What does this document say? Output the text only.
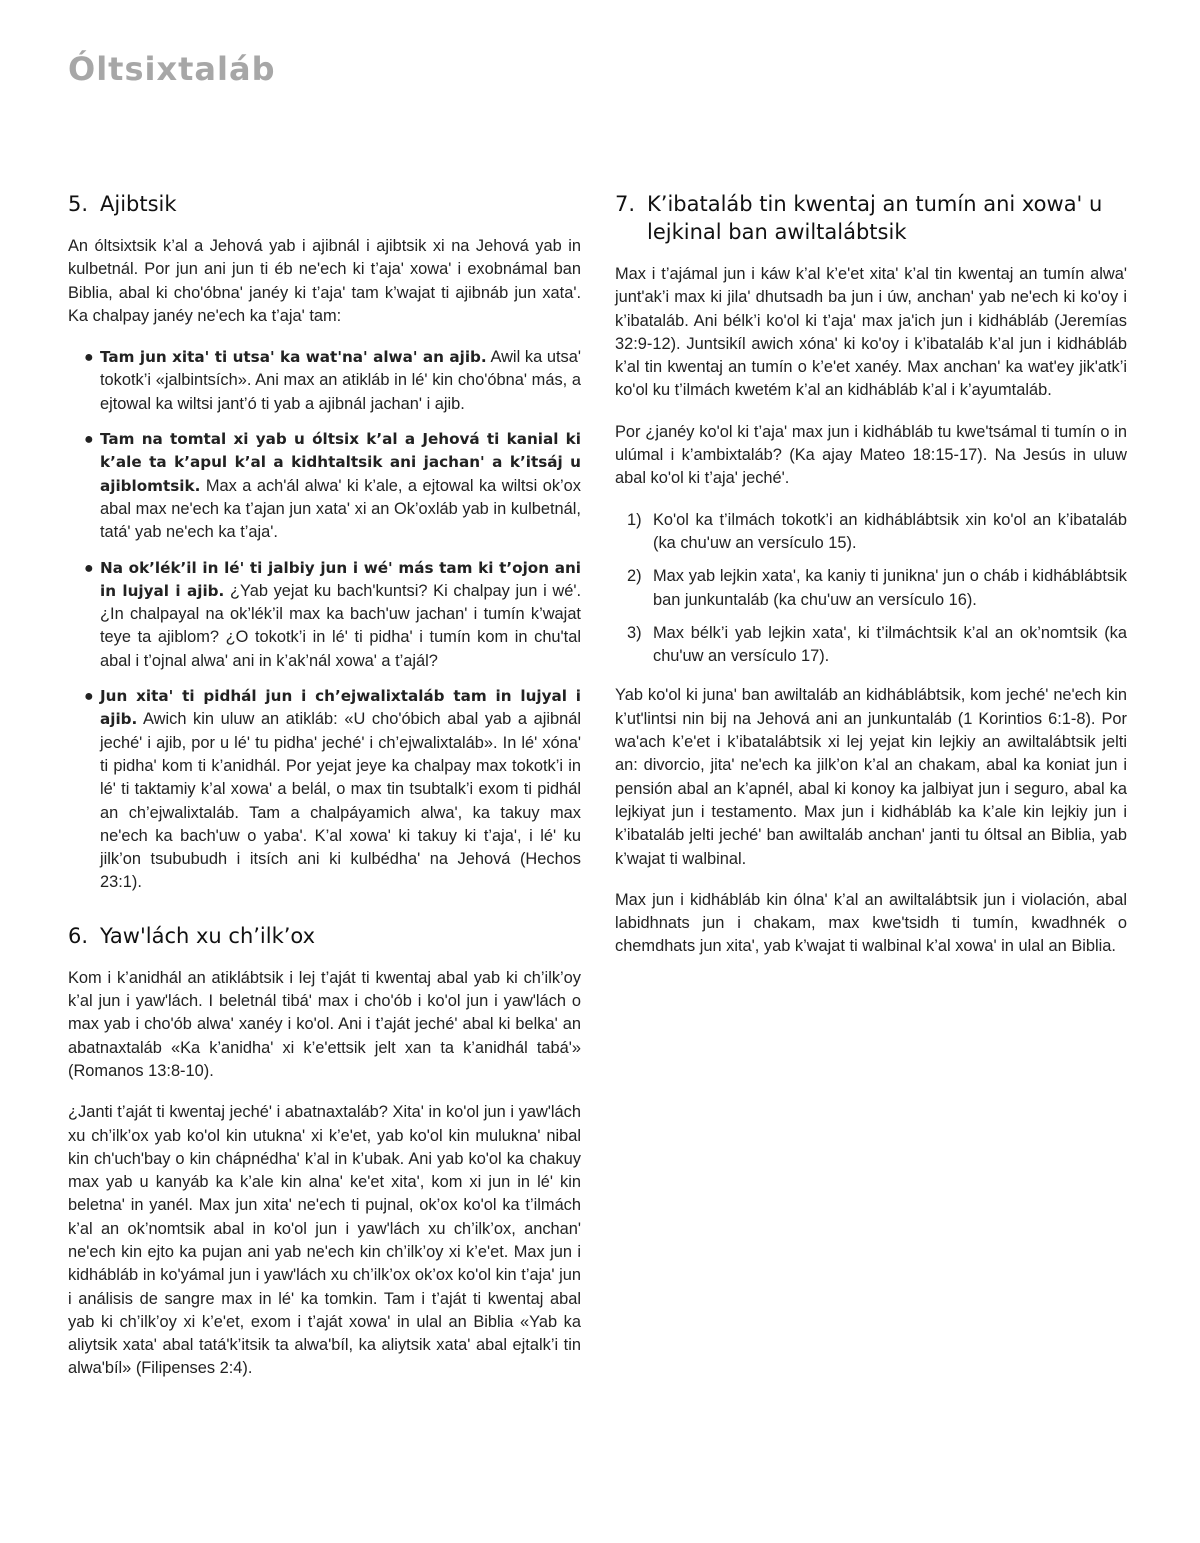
Óltsixtaláb
5. Ajibtsik

An óltsixtsik k’al a Jehová yab i ajibnál i ajibtsik xi na Jehová yab in kulbetnál. Por jun ani jun ti éb ne'ech ki t’aja' xowa' i exobnámal ban Biblia, abal ki cho'óbna' janéy ki t’aja' tam k’wajat ti ajibnáb jun xata'. Ka chalpay janéy ne'ech ka t’aja' tam:

● Tam jun xita' ti utsa' ka wat'na' alwa' an ajib. Awil ka utsa' tokotk’i «jalbintsích». Ani max an atikláb in lé' kin cho'óbna' más, a ejtowal ka wiltsi jant’ó ti yab a ajibnál jachan' i ajib.
● Tam na tomtal xi yab u óltsix k’al a Jehová ti kanial ki k’ale ta k’apul k’al a kidhtaltsik ani jachan' a k’itsáj u ajiblomtsik. Max a ach'ál alwa' ki k’ale, a ejtowal ka wiltsi ok’ox abal max ne'ech ka t’ajan jun xata' xi an Ok’oxláb yab in kulbetnál, tatá' yab ne'ech ka t’aja'.
● Na ok’lék’il in lé' ti jalbiy jun i wé' más tam ki t’ojon ani in lujyal i ajib. ¿Yab yejat ku bach'kuntsi? Ki chalpay jun i wé'. ¿In chalpayal na ok’lék’il max ka bach'uw jachan' i tumín k’wajat teye ta ajiblom? ¿O tokotk’i in lé' ti pidha' i tumín kom in chu'tal abal i t’ojnal alwa' ani in k’ak’nál xowa' a t’ajál?
● Jun xita' ti pidhál jun i ch’ejwalixtaláb tam in lujyal i ajib. Awich kin uluw an atikláb: «U cho'óbich abal yab a ajibnál jeché' i ajib, por u lé' tu pidha' jeché' i ch’ejwalixtaláb». In lé' xóna' ti pidha' kom ti k’anidhál. Por yejat jeye ka chalpay max tokotk’i in lé' ti taktamiy k’al xowa' a belál, o max tin tsubtalk’i exom ti pidhál an ch’ejwalixtaláb. Tam a chalpáyamich alwa', ka takuy max ne'ech ka bach'uw o yaba'. K’al xowa' ki takuy ki t’aja', i lé' ku jilk’on tsububudh i itsích ani ki kulbédha' na Jehová (Hechos 23:1).
6. Yaw'lách xu ch’ilk’ox

Kom i k’anidhál an atiklábtsik i lej t’aját ti kwentaj abal yab ki ch’ilk’oy k’al jun i yaw'lách. I beletnál tibá' max i cho'ób i ko'ol jun i yaw'lách o max yab i cho'ób alwa' xanéy i ko'ol. Ani i t’aját jeché' abal ki belka' an abatnaxtaláb «Ka k’anidha' xi k’e'ettsik jelt xan ta k’anidhál tabá'» (Romanos 13:8-10).

¿Janti t’aját ti kwentaj jeché' i abatnaxtaláb? Xita' in ko'ol jun i yaw'lách xu ch’ilk’ox yab ko'ol kin utukna' xi k’e'et, yab ko'ol kin mulukna' nibal kin ch'uch'bay o kin chápnédha' k’al in k’ubak. Ani yab ko'ol ka chakuy max yab u kanyáb ka k’ale kin alna' ke'et xita', kom xi jun in lé' kin beletna' in yanél. Max jun xita' ne'ech ti pujnal, ok’ox ko'ol ka t’ilmách k’al an ok’nomtsik abal in ko'ol jun i yaw'lách xu ch’ilk’ox, anchan' ne'ech kin ejto ka pujan ani yab ne'ech kin ch’ilk’oy xi k’e'et. Max jun i kidhábláb in ko'yámal jun i yaw'lách xu ch’ilk’ox ok’ox ko'ol kin t’aja' jun i análisis de sangre max in lé' ka tomkin. Tam i t’aját ti kwentaj abal yab ki ch’ilk’oy xi k’e'et, exom i t’aját xowa' in ulal an Biblia «Yab ka aliytsik xata' abal tatá'k’itsik ta alwa'bíl, ka aliytsik xata' abal ejtalk’i tin alwa'bíl» (Filipenses 2:4).

7. K’ibataláb tin kwentaj an tumín ani xowa' u lejkinal ban awiltalábtsik

Max i t’ajámal jun i káw k’al k’e'et xita' k’al tin kwentaj an tumín alwa' junt'ak’i max ki jila' dhutsadh ba jun i úw, anchan' yab ne'ech ki ko'oy i k’ibataláb. Ani bélk’i ko'ol ki t’aja' max ja'ich jun i kidhábláb (Jeremías 32:9-12). Juntsikíl awich xóna' ki ko'oy i k’ibataláb k’al jun i kidhábláb k’al tin kwentaj an tumín o k’e'et xanéy. Max anchan' ka wat'ey jik'atk’i ko'ol ku t’ilmách kwetém k’al an kidhábláb k’al i k’ayumtaláb.

Por ¿janéy ko'ol ki t’aja' max jun i kidhábláb tu kwe'tsámal ti tumín o in ulúmal i k’ambixtaláb? (Ka ajay Mateo 18:15-17). Na Jesús in uluw abal ko'ol ki t’aja' jeché'.

1) Ko'ol ka t’ilmách tokotk’i an kidháblábtsik xin ko'ol an k’ibataláb (ka chu'uw an versículo 15).
2) Max yab lejkin xata', ka kaniy ti junikna' jun o cháb i kidháblábtsik ban junkuntaláb (ka chu'uw an versículo 16).
3) Max bélk’i yab lejkin xata', ki t’ilmáchtsik k’al an ok’nomtsik (ka chu'uw an versículo 17).

Yab ko'ol ki juna' ban awiltaláb an kidháblábtsik, kom jeché' ne'ech kin k’ut'lintsi nin bij na Jehová ani an junkuntaláb (1 Korintios 6:1-8). Por wa'ach k’e'et i k’ibatalábtsik xi lej yejat kin lejkiy an awiltalábtsik jelti an: divorcio, jita' ne'ech ka jilk’on k’al an chakam, abal ka koniat jun i pensión abal an k’apnél, abal ki konoy ka jalbiyat jun i seguro, abal ka lejkiyat jun i testamento. Max jun i kidhábláb ka k’ale kin lejkiy jun i k’ibataláb jelti jeché' ban awiltaláb anchan' janti tu óltsal an Biblia, yab k’wajat ti walbinal.

Max jun i kidhábláb kin ólna' k’al an awiltalábtsik jun i violación, abal labidhnats jun i chakam, max kwe'tsidh ti tumín, kwadhnék o chemdhats jun xita', yab k’wajat ti walbinal k’al xowa' in ulal an Biblia.
